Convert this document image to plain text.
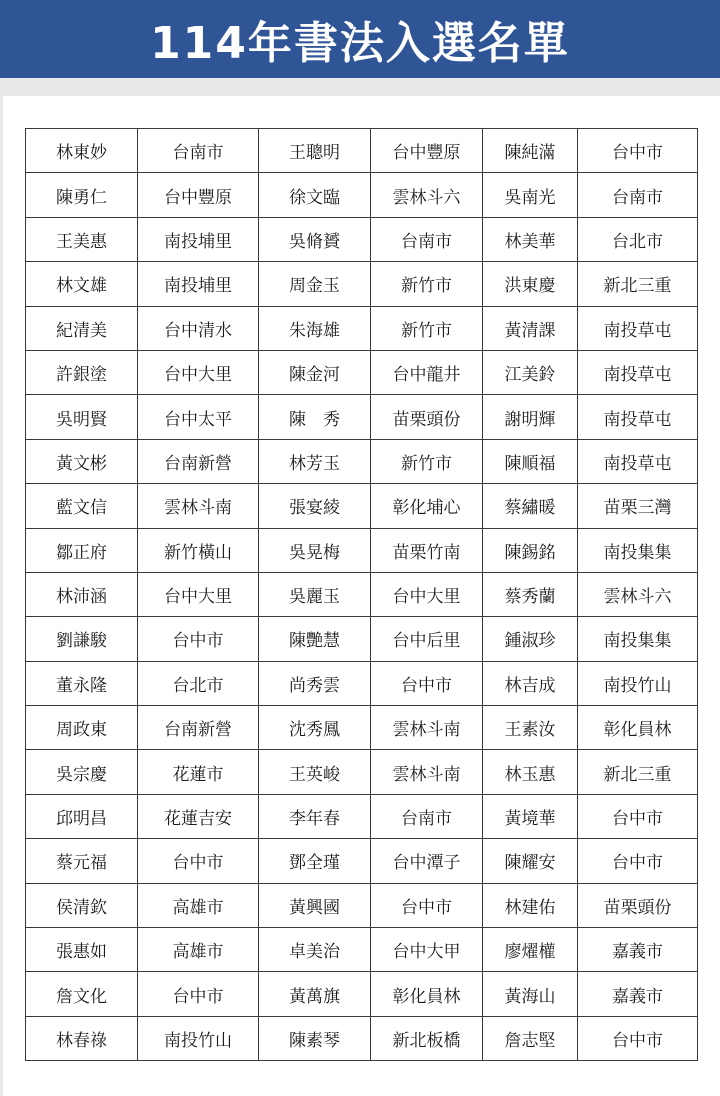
114年書法入選名單
林東妙	台南市	王聰明	台中豐原	陳純滿	台中市
陳勇仁	台中豐原	徐文臨	雲林斗六	吳南光	台南市
王美惠	南投埔里	吳脩贇	台南市	林美華	台北市
林文雄	南投埔里	周金玉	新竹市	洪東慶	新北三重
紀清美	台中清水	朱海雄	新竹市	黃清課	南投草屯
許銀塗	台中大里	陳金河	台中龍井	江美鈴	南投草屯
吳明賢	台中太平	陳　秀	苗栗頭份	謝明輝	南投草屯
黃文彬	台南新營	林芳玉	新竹市	陳順福	南投草屯
藍文信	雲林斗南	張宴綾	彰化埔心	蔡繡暖	苗栗三灣
鄒正府	新竹橫山	吳晃梅	苗栗竹南	陳錫銘	南投集集
林沛涵	台中大里	吳麗玉	台中大里	蔡秀蘭	雲林斗六
劉謙駿	台中市	陳艷慧	台中后里	鍾淑珍	南投集集
董永隆	台北市	尚秀雲	台中市	林吉成	南投竹山
周政東	台南新營	沈秀鳳	雲林斗南	王素汝	彰化員林
吳宗慶	花蓮市	王英峻	雲林斗南	林玉惠	新北三重
邱明昌	花蓮吉安	李年春	台南市	黃境華	台中市
蔡元福	台中市	鄧全瑾	台中潭子	陳耀安	台中市
侯清欽	高雄市	黃興國	台中市	林建佑	苗栗頭份
張惠如	高雄市	卓美治	台中大甲	廖燿權	嘉義市
詹文化	台中市	黃萬旗	彰化員林	黃海山	嘉義市
林春祿	南投竹山	陳素琴	新北板橋	詹志堅	台中市
